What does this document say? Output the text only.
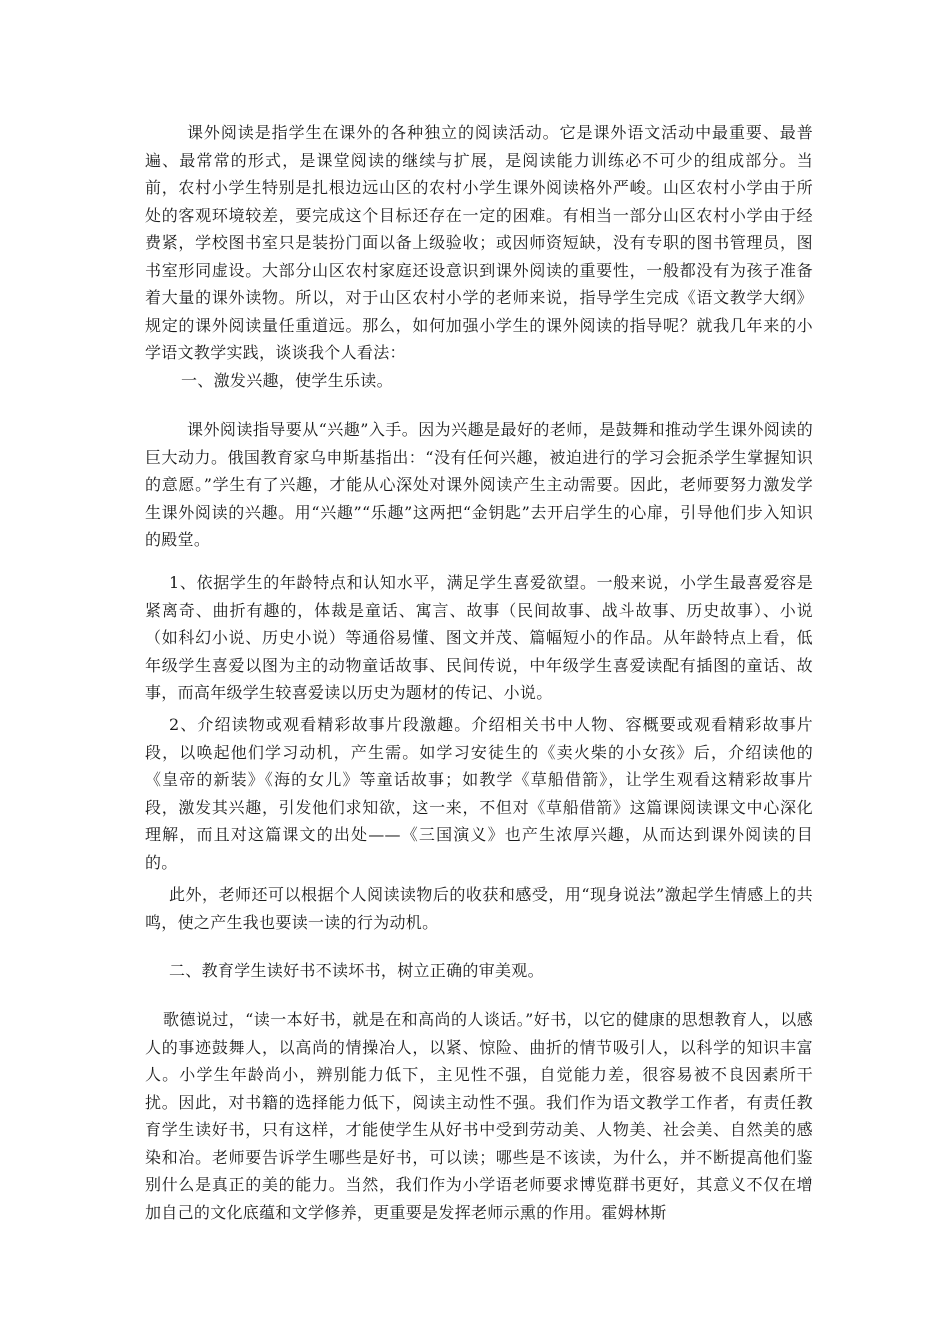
课外阅读是指学生在课外的各种独立的阅读活动。它是课外语文活动中最重要、最普遍、最常常的形式，是课堂阅读的继续与扩展，是阅读能力训练必不可少的组成部分。当前，农村小学生特别是扎根边远山区的农村小学生课外阅读格外严峻。山区农村小学由于所处的客观环境较差，要完成这个目标还存在一定的困难。有相当一部分山区农村小学由于经费紧，学校图书室只是装扮门面以备上级验收；或因师资短缺，没有专职的图书管理员，图书室形同虚设。大部分山区农村家庭还设意识到课外阅读的重要性，一般都没有为孩子准备着大量的课外读物。所以，对于山区农村小学的老师来说，指导学生完成《语文教学大纲》规定的课外阅读量任重道远。那么，如何加强小学生的课外阅读的指导呢？就我几年来的小学语文教学实践，谈谈我个人看法：

一、激发兴趣，使学生乐读。

课外阅读指导要从“兴趣”入手。因为兴趣是最好的老师，是鼓舞和推动学生课外阅读的巨大动力。俄国教育家乌申斯基指出：“没有任何兴趣，被迫进行的学习会扼杀学生掌握知识的意愿。”学生有了兴趣，才能从心深处对课外阅读产生主动需要。因此，老师要努力激发学生课外阅读的兴趣。用“兴趣”“乐趣”这两把“金钥匙”去开启学生的心扉，引导他们步入知识的殿堂。

1、依据学生的年龄特点和认知水平，满足学生喜爱欲望。一般来说，小学生最喜爱容是紧离奇、曲折有趣的，体裁是童话、寓言、故事（民间故事、战斗故事、历史故事）、小说（如科幻小说、历史小说）等通俗易懂、图文并茂、篇幅短小的作品。从年龄特点上看，低年级学生喜爱以图为主的动物童话故事、民间传说，中年级学生喜爱读配有插图的童话、故事，而高年级学生较喜爱读以历史为题材的传记、小说。

2、介绍读物或观看精彩故事片段激趣。介绍相关书中人物、容概要或观看精彩故事片段，以唤起他们学习动机，产生需。如学习安徒生的《卖火柴的小女孩》后，介绍读他的《皇帝的新装》《海的女儿》等童话故事；如教学《草船借箭》，让学生观看这精彩故事片段，激发其兴趣，引发他们求知欲，这一来，不但对《草船借箭》这篇课阅读课文中心深化理解，而且对这篇课文的出处——《三国演义》也产生浓厚兴趣，从而达到课外阅读的目的。

此外，老师还可以根据个人阅读读物后的收获和感受，用“现身说法”激起学生情感上的共鸣，使之产生我也要读一读的行为动机。

二、教育学生读好书不读坏书，树立正确的审美观。

歌德说过，“读一本好书，就是在和高尚的人谈话。”好书，以它的健康的思想教育人，以感人的事迹鼓舞人，以高尚的情操冶人，以紧、惊险、曲折的情节吸引人，以科学的知识丰富人。小学生年龄尚小，辨别能力低下，主见性不强，自觉能力差，很容易被不良因素所干扰。因此，对书籍的选择能力低下，阅读主动性不强。我们作为语文教学工作者，有责任教育学生读好书，只有这样，才能使学生从好书中受到劳动美、人物美、社会美、自然美的感染和冶。老师要告诉学生哪些是好书，可以读；哪些是不该读，为什么，并不断提高他们鉴别什么是真正的美的能力。当然，我们作为小学语老师要求博览群书更好，其意义不仅在增加自己的文化底蕴和文学修养，更重要是发挥老师示熏的作用。霍姆林斯
